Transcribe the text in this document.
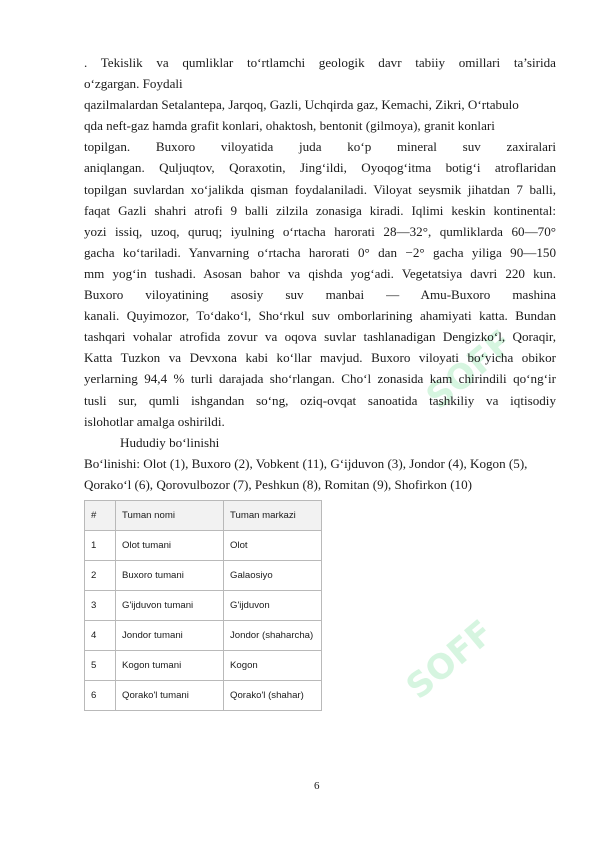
SOFF
SOFF
. Tekislik va qumliklar to‘rtlamchi geologik davr tabiiy omillari ta’sirida
o‘zgargan. Foydali
qazilmalardan Setalantepa, Jarqoq, Gazli, Uchqirda gaz, Kemachi, Zikri, O‘rtabulo
qda neft-gaz hamda grafit konlari, ohaktosh, bentonit (gilmoya), granit konlari
topilgan. Buxoro viloyatida juda ko‘p mineral suv zaxiralari
aniqlangan. Quljuqtov, Qoraxotin, Jing‘ildi, Oyoqog‘itma botig‘i atroflaridan
topilgan suvlardan xo‘jalikda qisman foydalaniladi. Viloyat seysmik jihatdan 7 balli,
faqat Gazli shahri atrofi 9 balli zilzila zonasiga kiradi. Iqlimi keskin kontinental:
yozi issiq, uzoq, quruq; iyulning o‘rtacha harorati 28—32°, qumliklarda 60—70°
gacha ko‘tariladi. Yanvarning o‘rtacha harorati 0° dan −2° gacha yiliga 90—150
mm yog‘in tushadi. Asosan bahor va qishda yog‘adi. Vegetatsiya davri 220 kun.
Buxoro viloyatining asosiy suv manbai — Amu-Buxoro mashina
kanali. Quyimozor, To‘dako‘l, Sho‘rkul suv omborlarining ahamiyati katta. Bundan
tashqari vohalar atrofida zovur va oqova suvlar tashlanadigan Dengizko‘l, Qoraqir,
Katta Tuzkon va Devxona kabi ko‘llar mavjud. Buxoro viloyati bo‘yicha obikor
yerlarning 94,4 % turli darajada sho‘rlangan. Cho‘l zonasida kam chirindili qo‘ng‘ir
tusli sur, qumli ishgandan so‘ng, oziq-ovqat sanoatida tashkiliy va iqtisodiy
islohotlar amalga oshirildi.
Hududiy bo‘linishi
Bo‘linishi: Olot (1), Buxoro (2), Vobkent (11), G‘ijduvon (3), Jondor (4), Kogon (5),
Qorako‘l (6), Qorovulbozor (7), Peshkun (8), Romitan (9), Shofirkon (10)
#	Tuman nomi	Tuman markazi
1	Olot tumani	Olot
2	Buxoro tumani	Galaosiyo
3	G'ijduvon tumani	G'ijduvon
4	Jondor tumani	Jondor (shaharcha)
5	Kogon tumani	Kogon
6	Qorako'l tumani	Qorako'l (shahar)
6
